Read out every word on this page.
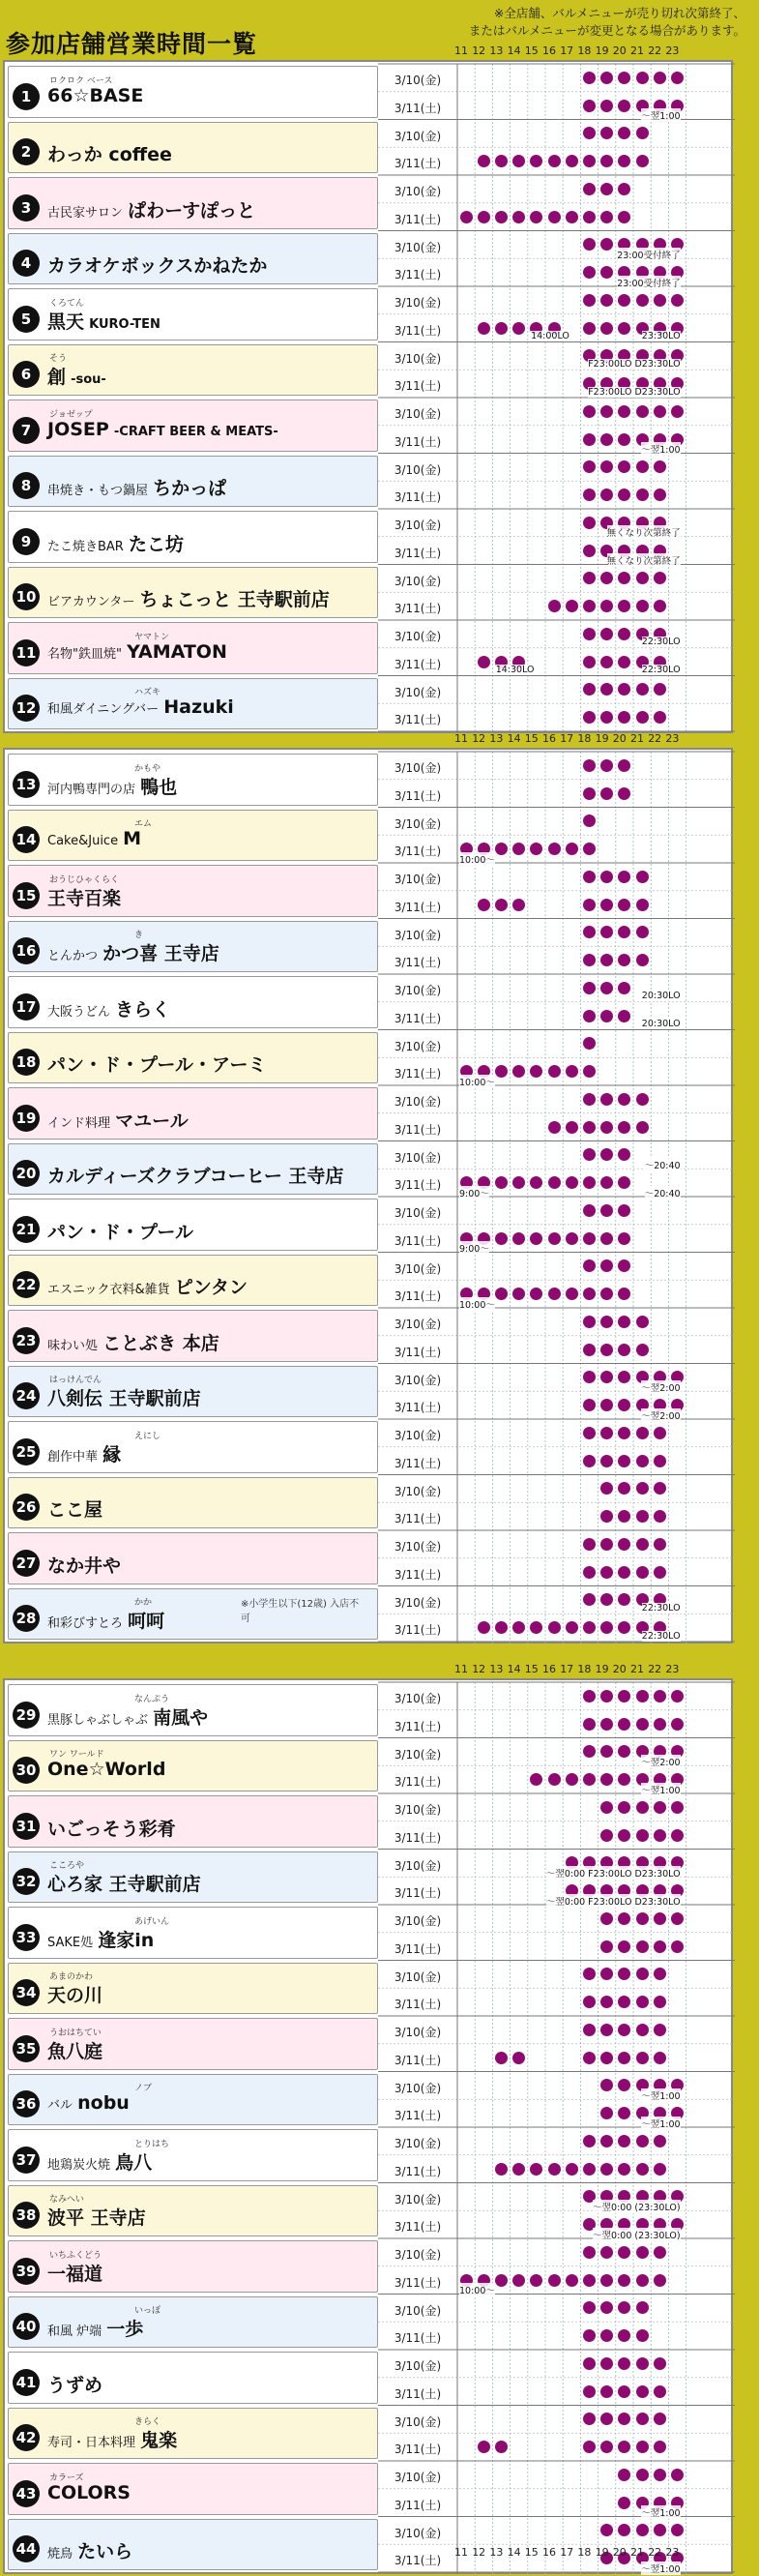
参加店舗営業時間一覧
※全店舗、バルメニューが売り切れ次第終了、
またはバルメニューが変更となる場合があります。
11 12 13 14 15 16 17 18 19 20 21 22 23
1 66☆BASE
ロクロク ベース	3/10(金)
3/11(土)
〜翌1:00
2 わっか coffee
3/10(金)
3/11(土)
3	古民家サロン ぱわーすぽっと
3/10(金)
3/11(土)
4 カラオケボックスかねたか
3/10(金)
23:00受付終了
3/11(土)
23:00受付終了
5 黒天 KURO-TEN
くろてん	3/10(金)
3/11(土)	14:00LO	23:30LO
6 創 -sou-
そう	3/10(金)	F23:00LO D23:30LO
3/11(土)	F23:00LO D23:30LO
7 JOSEP -CRAFT BEER & MEATS-
ジョゼップ	3/10(金)
3/11(土)
〜翌1:00
8	串焼き・もつ鍋屋 ちかっぱ
3/10(金)
3/11(土)
9	たこ焼きBAR たこ坊
3/10(金)
無くなり次第終了
3/11(土)
無くなり次第終了
10 ビアカウンター ちょこっと 王寺駅前店
3/10(金)
3/11(土)
11 名物"鉄皿焼" YAMATON
ヤマトン	3/10(金)	22:30LO
3/11(土)	14:30LO	22:30LO
12 和風ダイニングバー Hazuki
ハズキ	3/10(金)
3/11(土)
11 12 13 14 15 16 17 18 19 20 21 22 23
13 河内鴨専門の店 鴨也
かもや	3/10(金)
3/11(土)
14 Cake&Juice M
エム	3/10(金)
3/11(土)
10:00〜
15 王寺百楽
おうじひゃくらく	3/10(金)
3/11(土)
16 とんかつ かつ喜 王寺店
き	3/10(金)
3/11(土)
17 大阪うどん きらく
3/10(金)	20:30LO
3/11(土)	20:30LO
18 パン・ド・プール・アーミ
3/10(金)
3/11(土)
10:00〜
19 インド料理 マユール
3/10(金)
3/11(土)
20 カルディーズクラブコーヒー 王寺店
3/10(金)
〜20:40
3/11(土)
9:00〜	〜20:40
21 パン・ド・プール
3/10(金)
3/11(土)
9:00〜
22 エスニック衣料&雑貨 ピンタン
3/10(金)
3/11(土)
10:00〜
23 味わい処 ことぶき 本店
3/10(金)
3/11(土)
24 八剣伝 王寺駅前店
はっけんでん	3/10(金)
〜翌2:00
3/11(土)
〜翌2:00
25 創作中華 縁
えにし	3/10(金)
3/11(土)
26 ここ屋
3/10(金)
3/11(土)
27 なか井や
3/10(金)
3/11(土)
28 和彩びすとろ 呵呵
かか	※小学生以下(12歳) 入店不可
3/10(金)	22:30LO
3/11(土)	22:30LO
11 12 13 14 15 16 17 18 19 20 21 22 23
29 黒豚しゃぶしゃぶ 南風や
なんぷう	3/10(金)
3/11(土)
30 One☆World
ワン ワールド	3/10(金)
〜翌2:00
3/11(土)
〜翌1:00
31 いごっそう彩肴
3/10(金)
3/11(土)
32 心ろ家 王寺駅前店
こころや	3/10(金)
〜翌0:00 F23:00LO D23:30LO
3/11(土)
〜翌0:00 F23:00LO D23:30LO
33 SAKE処 逢家in
あげいん	3/10(金)
3/11(土)
34 天の川
あまのかわ	3/10(金)
3/11(土)
35 魚八庭
うおはちてい	3/10(金)
3/11(土)
36 バル nobu
ノブ	3/10(金)
〜翌1:00
3/11(土)
〜翌1:00
37 地鶏炭火焼 鳥八
とりはち	3/10(金)
3/11(土)
38 波平 王寺店
なみへい	3/10(金)
〜翌0:00 (23:30LO)
3/11(土)
〜翌0:00 (23:30LO)
39 一福道
いちふくどう	3/10(金)
3/11(土)
10:00〜
40 和風 炉端 一歩
いっぽ	3/10(金)
3/11(土)
41 うずめ
3/10(金)
3/11(土)
42 寿司・日本料理 鬼楽
きらく	3/10(金)
3/11(土)
43 COLORS
カラーズ	3/10(金)
3/11(土)
〜翌1:00
44 焼鳥 たいら
3/10(金)
3/11(土)
〜翌1:00
11 12 13 14 15 16 17 18 19 20 21 22 23
